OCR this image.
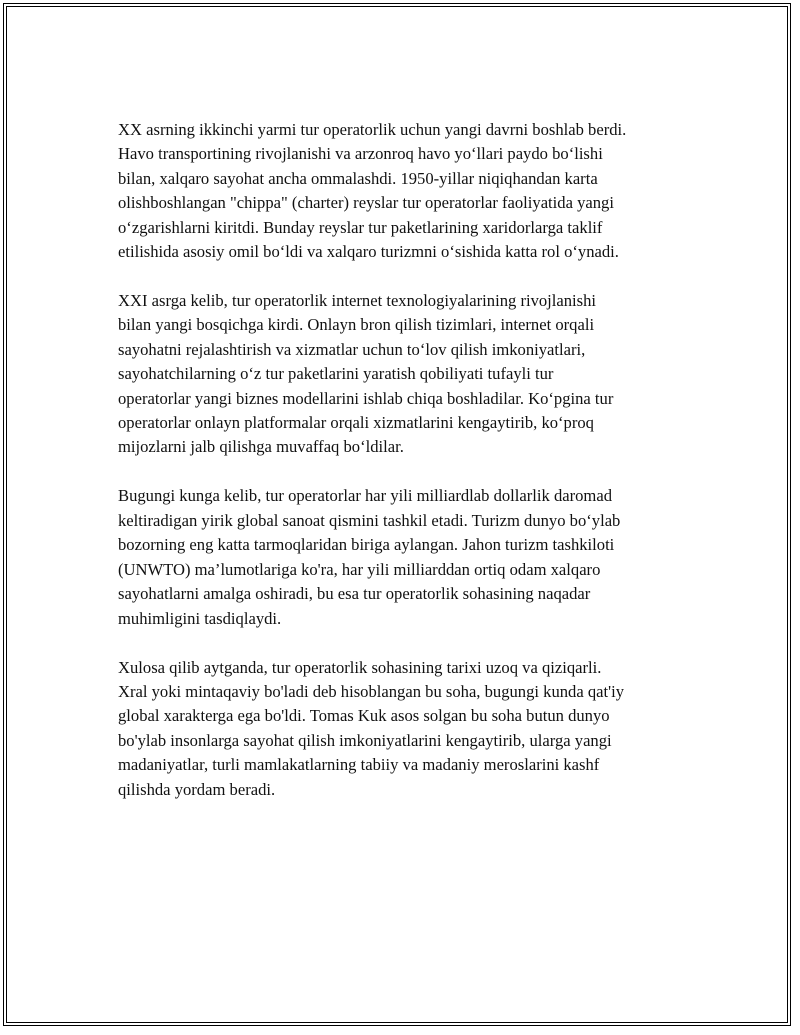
XX asrning ikkinchi yarmi tur operatorlik uchun yangi davrni boshlab berdi.
Havo transportining rivojlanishi va arzonroq havo yo‘llari paydo bo‘lishi
bilan, xalqaro sayohat ancha ommalashdi. 1950-yillar niqiqhandan karta
olishboshlangan "chippa" (charter) reyslar tur operatorlar faoliyatida yangi
o‘zgarishlarni kiritdi. Bunday reyslar tur paketlarining xaridorlarga taklif
etilishida asosiy omil bo‘ldi va xalqaro turizmni o‘sishida katta rol o‘ynadi.

XXI asrga kelib, tur operatorlik internet texnologiyalarining rivojlanishi
bilan yangi bosqichga kirdi. Onlayn bron qilish tizimlari, internet orqali
sayohatni rejalashtirish va xizmatlar uchun to‘lov qilish imkoniyatlari,
sayohatchilarning o‘z tur paketlarini yaratish qobiliyati tufayli tur
operatorlar yangi biznes modellarini ishlab chiqa boshladilar. Ko‘pgina tur
operatorlar onlayn platformalar orqali xizmatlarini kengaytirib, ko‘proq
mijozlarni jalb qilishga muvaffaq bo‘ldilar.

Bugungi kunga kelib, tur operatorlar har yili milliardlab dollarlik daromad
keltiradigan yirik global sanoat qismini tashkil etadi. Turizm dunyo bo‘ylab
bozorning eng katta tarmoqlaridan biriga aylangan. Jahon turizm tashkiloti
(UNWTO) ma’lumotlariga ko'ra, har yili milliarddan ortiq odam xalqaro
sayohatlarni amalga oshiradi, bu esa tur operatorlik sohasining naqadar
muhimligini tasdiqlaydi.

Xulosa qilib aytganda, tur operatorlik sohasining tarixi uzoq va qiziqarli.
Xral yoki mintaqaviy bo'ladi deb hisoblangan bu soha, bugungi kunda qat'iy
global xarakterga ega bo'ldi. Tomas Kuk asos solgan bu soha butun dunyo
bo'ylab insonlarga sayohat qilish imkoniyatlarini kengaytirib, ularga yangi
madaniyatlar, turli mamlakatlarning tabiiy va madaniy meroslarini kashf
qilishda yordam beradi.
